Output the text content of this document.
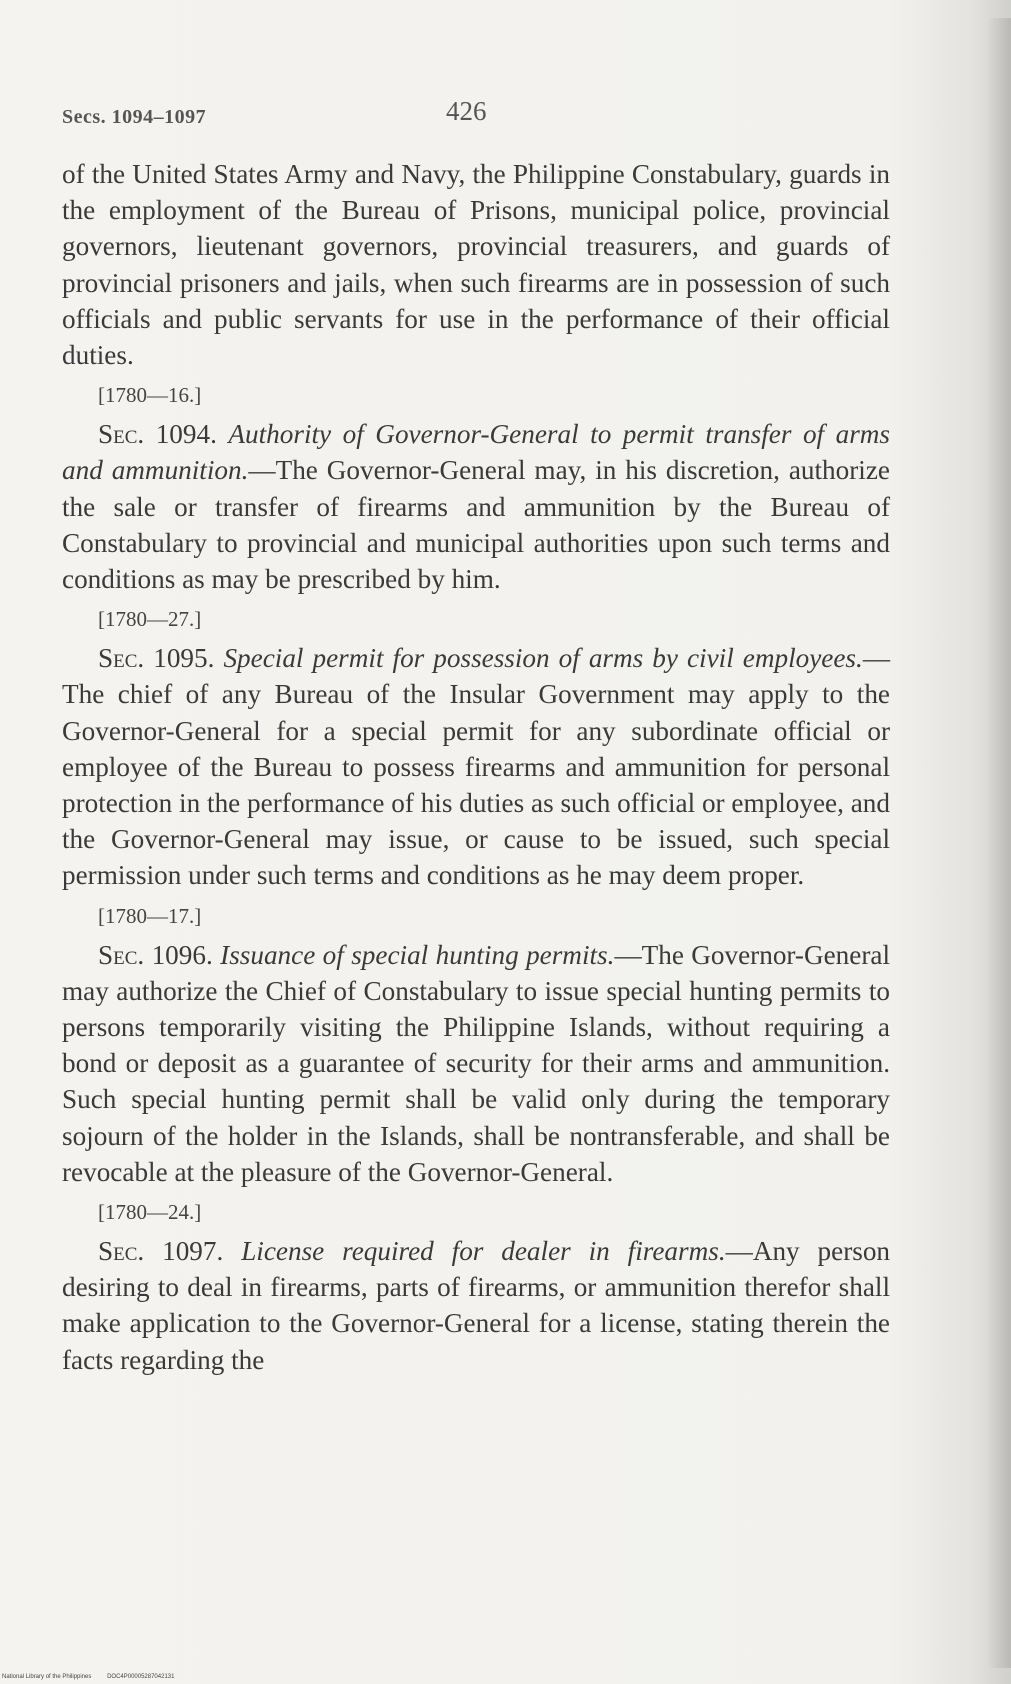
Secs. 1094–1097	426

of the United States Army and Navy, the Philippine Constabulary, guards in the employment of the Bureau of Prisons, municipal police, provincial governors, lieutenant governors, provincial treasurers, and guards of provincial prisoners and jails, when such firearms are in possession of such officials and public servants for use in the performance of their official duties.

[1780—16.]

Sec. 1094. Authority of Governor-General to permit transfer of arms and ammunition.—The Governor-General may, in his discretion, authorize the sale or transfer of firearms and ammunition by the Bureau of Constabulary to provincial and municipal authorities upon such terms and conditions as may be prescribed by him.

[1780—27.]

Sec. 1095. Special permit for possession of arms by civil employees.—The chief of any Bureau of the Insular Government may apply to the Governor-General for a special permit for any subordinate official or employee of the Bureau to possess firearms and ammunition for personal protection in the performance of his duties as such official or employee, and the Governor-General may issue, or cause to be issued, such special permission under such terms and conditions as he may deem proper.

[1780—17.]

Sec. 1096. Issuance of special hunting permits.—The Governor-General may authorize the Chief of Constabulary to issue special hunting permits to persons temporarily visiting the Philippine Islands, without requiring a bond or deposit as a guarantee of security for their arms and ammunition. Such special hunting permit shall be valid only during the temporary sojourn of the holder in the Islands, shall be nontransferable, and shall be revocable at the pleasure of the Governor-General.

[1780—24.]

Sec. 1097. License required for dealer in firearms.—Any person desiring to deal in firearms, parts of firearms, or ammunition therefor shall make application to the Governor-General for a license, stating therein the facts regarding the

National Library of the Philippines	DOC4P00005287042131
